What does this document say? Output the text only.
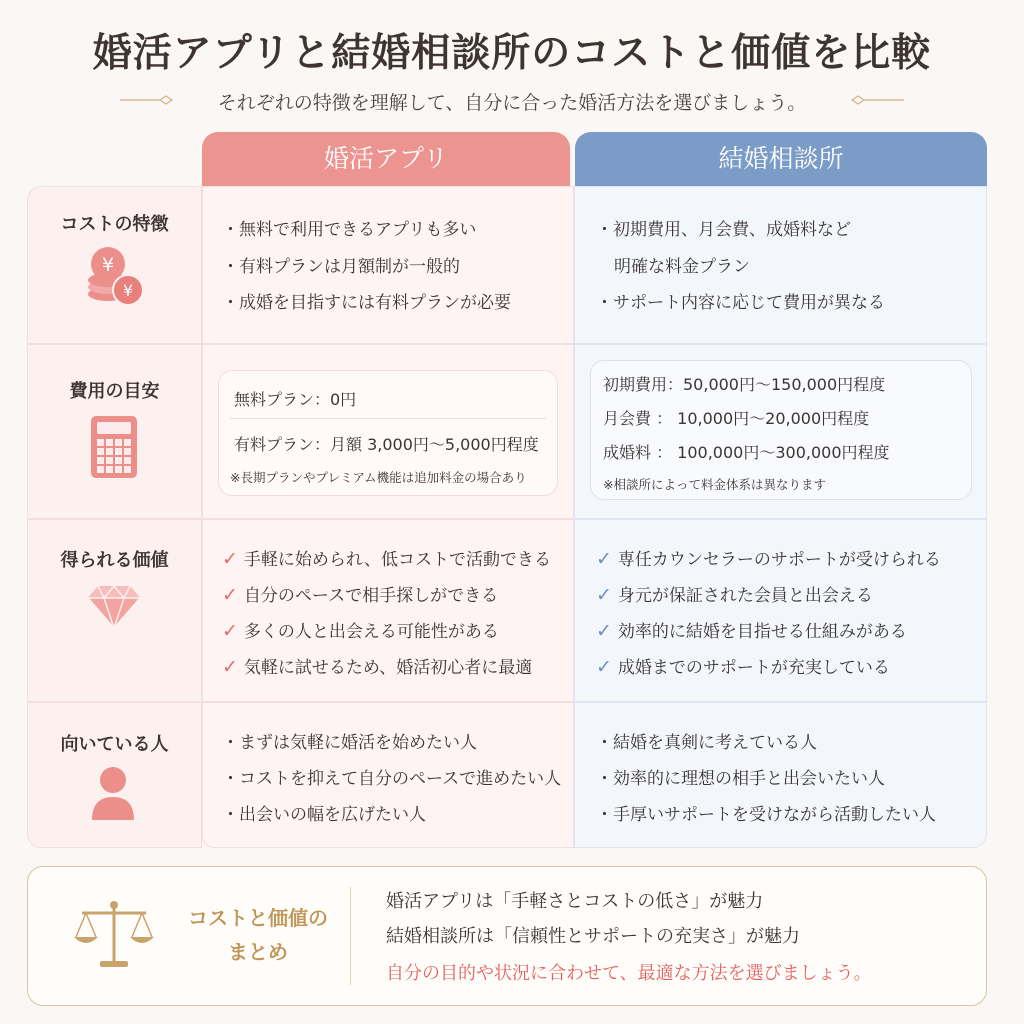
婚活アプリと結婚相談所のコストと価値を比較
それぞれの特徴を理解して、自分に合った婚活方法を選びましょう。
婚活アプリ	結婚相談所
コストの特徴
¥
¥
・ 無料で利用できるアプリも多い
・ 有料プランは月額制が一般的
・ 成婚を目指すには有料プランが必要
・ 初期費用、月会費、成婚料など
明確な料金プラン
・ サポート内容に応じて費用が異なる
費用の目安	無料プラン：0円
有料プラン：月額 3,000円〜5,000円程度
※長期プランやプレミアム機能は追加料金の場合あり
初期費用：50,000円〜150,000円程度
月会費 ： 10,000円〜20,000円程度
成婚料 ： 100,000円〜300,000円程度
※相談所によって料金体系は異なります
得られる価値	✓ 手軽に始められ、低コストで活動できる
✓ 自分のペースで相手探しができる
✓ 多くの人と出会える可能性がある
✓ 気軽に試せるため、婚活初心者に最適
✓ 専任カウンセラーのサポートが受けられる
✓ 身元が保証された会員と出会える
✓ 効率的に結婚を目指せる仕組みがある
✓ 成婚までのサポートが充実している
向いている人
・	まずは気軽に婚活を始めたい人
・ コストを抑えて自分のペースで進めたい人
・ 出会いの幅を広げたい人
・ 結婚を真剣に考えている人
・ 効率的に理想の相手と出会いたい人
・ 手厚いサポートを受けながら活動したい人
コストと価値の
まとめ
婚活アプリは「手軽さとコストの低さ」が魅力
結婚相談所は「信頼性とサポートの充実さ」が魅力
自分の目的や状況に合わせて、最適な方法を選びましょう。
